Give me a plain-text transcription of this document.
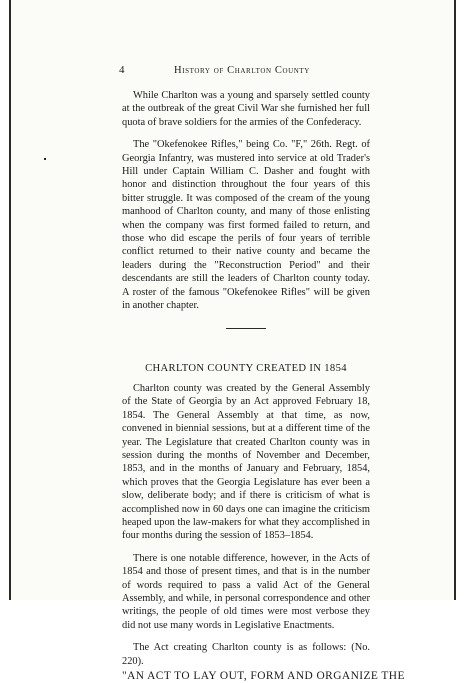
4	History of Charlton County

While Charlton was a young and sparsely settled county at the outbreak of the great Civil War she furnished her full quota of brave soldiers for the armies of the Confederacy.

The "Okefenokee Rifles," being Co. "F," 26th. Regt. of Georgia Infantry, was mustered into service at old Trader's Hill under Captain William C. Dasher and fought with honor and distinction throughout the four years of this bitter struggle. It was composed of the cream of the young manhood of Charlton county, and many of those enlisting when the company was first formed failed to return, and those who did escape the perils of four years of terrible conflict returned to their native county and became the leaders during the "Reconstruction Period" and their descendants are still the leaders of Charlton county today. A roster of the famous "Okefenokee Rifles" will be given in another chapter.

CHARLTON COUNTY CREATED IN 1854

Charlton county was created by the General Assembly of the State of Georgia by an Act approved February 18, 1854. The General Assembly at that time, as now, convened in biennial sessions, but at a different time of the year. The Legislature that created Charlton county was in session during the months of November and December, 1853, and in the months of January and February, 1854, which proves that the Georgia Legislature has ever been a slow, deliberate body; and if there is criticism of what is accomplished now in 60 days one can imagine the criticism heaped upon the law-makers for what they accomplished in four months during the session of 1853–1854.

There is one notable difference, however, in the Acts of 1854 and those of present times, and that is in the number of words required to pass a valid Act of the General Assembly, and while, in personal correspondence and other writings, the people of old times were most verbose they did not use many words in Legislative Enactments.

The Act creating Charlton county is as follows: (No. 220).

"AN ACT TO LAY OUT, FORM AND ORGANIZE THE
